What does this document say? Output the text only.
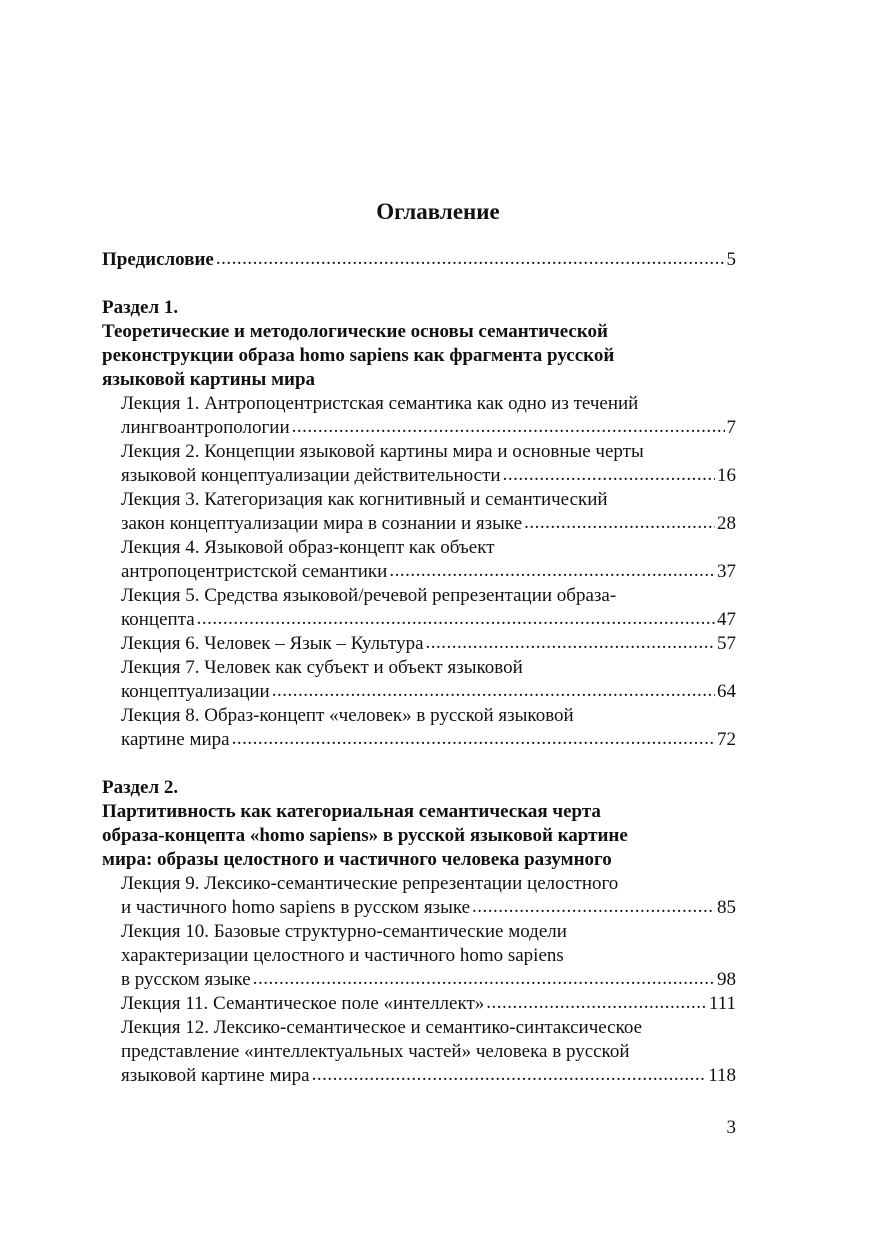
Оглавление
Предисловие .....	5
Раздел 1.
Теоретические и методологические основы семантической
реконструкции образа homo sapiens как фрагмента русской
языковой картины мира
Лекция 1. Антропоцентристская семантика как одно из течений
лингвоантропологии .....	7
Лекция 2. Концепции языковой картины мира и основные черты
языковой концептуализации действительности .....	16
Лекция 3. Категоризация как когнитивный и семантический
закон концептуализации мира в сознании и языке .....	28
Лекция 4. Языковой образ-концепт как объект
антропоцентристской семантики .....	37
Лекция 5. Средства языковой/речевой репрезентации образа-
концепта .....	47
Лекция 6. Человек – Язык – Культура .....	57
Лекция 7. Человек как субъект и объект языковой
концептуализации .....	64
Лекция 8. Образ-концепт «человек» в русской языковой
картине мира .....	72
Раздел 2.
Партитивность как категориальная семантическая черта
образа-концепта «homo sapiens» в русской языковой картине
мира: образы целостного и частичного человека разумного
Лекция 9. Лексико-семантические репрезентации целостного
и частичного homo sapiens в русском языке .....	85
Лекция 10. Базовые структурно-семантические модели
характеризации целостного и частичного homo sapiens
в русском языке .....	98
Лекция 11. Семантическое поле «интеллект» .....	111
Лекция 12. Лексико-семантическое и семантико-синтаксическое
представление «интеллектуальных частей» человека в русской
языковой картине мира .....	118
3
